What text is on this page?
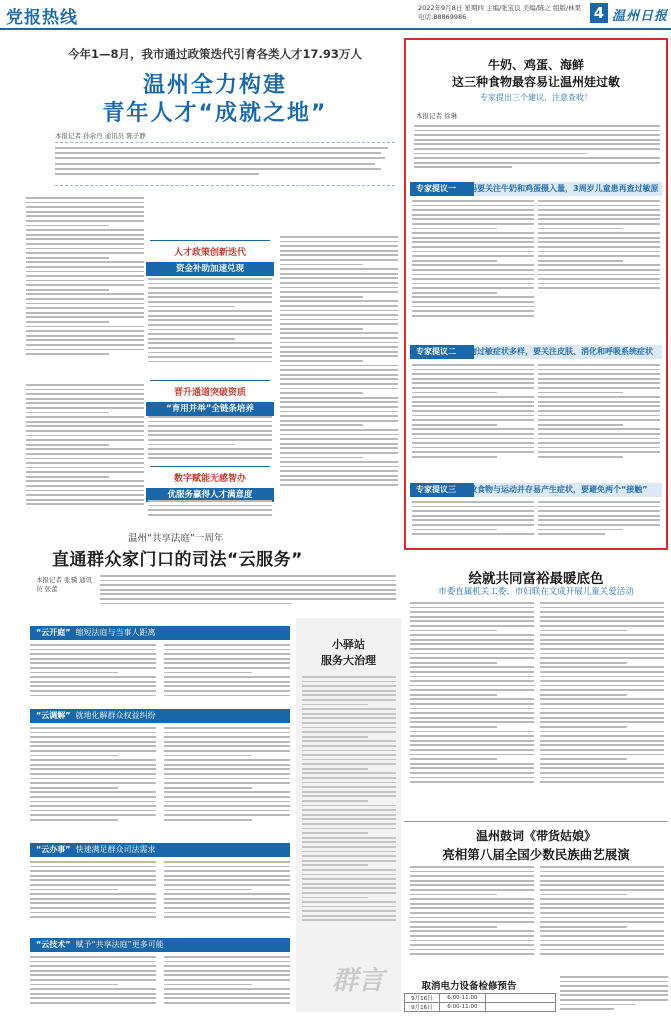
党报热线	2022年9月8日 星期四 主编/张宝良 美编/陈之 组版/林果
电话:88869986	4 温州日报
今年1—8月，我市通过政策迭代引育各类人才17.93万人
温州全力构建
青年人才“成就之地”
本报记者 孙余丹 通讯员 陈子静
人才政策创新迭代
资金补助加速兑现
晋升通道突破资质
“育用并举”全链条培养
数字赋能无感智办
优服务赢得人才满意度
牛奶、鸡蛋、海鲜
这三种食物最容易让温州娃过敏
专家提出三个建议，注意查收！
本报记者 徐琳
专家提议一 孕妈要关注牛奶和鸡蛋摄入量，3周岁儿童患再查过敏原
专家提议二 食物过敏症状多样，要关注皮肤、消化和呼吸系统症状
专家提议三 过敏食物与运动并存易产生症状，要避免两个“接触”
温州“共享法庭”一周年
直通群众家门口的司法“云服务”
本报记者 张骥 通讯员 张蕾
“云开庭” 缩短法庭与当事人距离
“云调解” 就地化解群众权益纠纷
“云办事” 快速满足群众司法需求
“云技术” 赋予“共享法庭”更多可能
小驿站
服务大治理
群言
绘就共同富裕最暖底色
市委直属机关工委、市妇联在文成开展儿童关爱活动
温州鼓词《带货姑娘》
亮相第八届全国少数民族曲艺展演
取消电力设备检修预告
9月16日	6:00-11:00	
9月16日	6:00-11:00	
